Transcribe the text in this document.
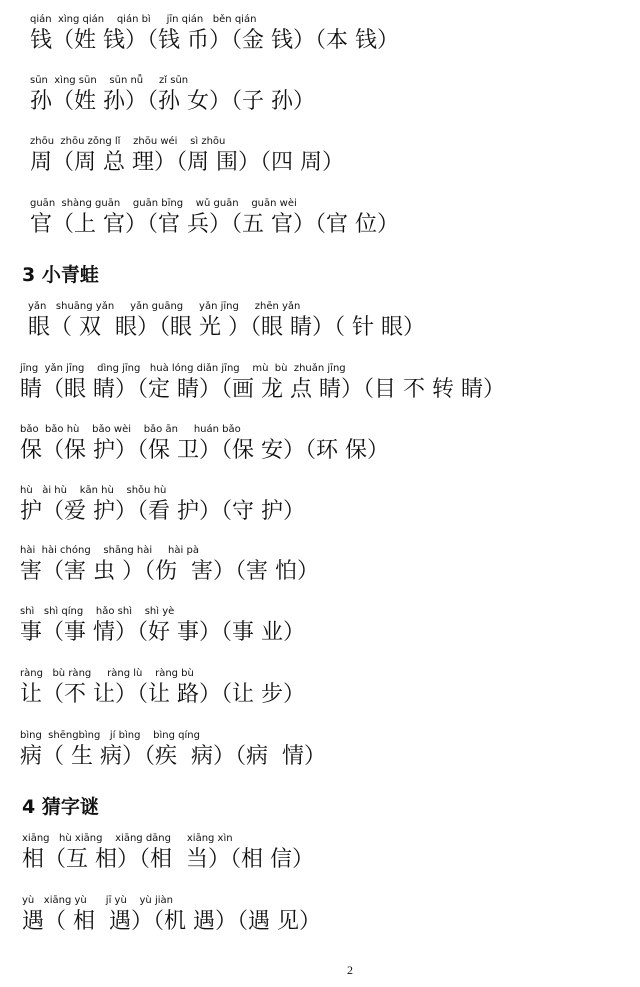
qián  xìng qián    qián bì     jīn qián   běn qián
钱（姓 钱）（钱 币）（金 钱）（本 钱）
sūn  xìng sūn    sūn nǚ     zǐ sūn
孙（姓 孙）（孙 女）（子 孙）
zhōu  zhōu zǒng lǐ    zhōu wéi    sì zhōu
周（周 总 理）（周 围）（四 周）
guān  shàng guān    guān bīng    wǔ guān    guān wèi
官（上 官）（官 兵）（五 官）（官 位）
3 小青蛙
yǎn   shuāng yǎn     yǎn guāng     yǎn jīng     zhēn yǎn
眼（ 双  眼）（眼 光 ）（眼 睛）（ 针 眼）
jīng  yǎn jīng    dìng jīng   huà lóng diǎn jīng    mù  bù  zhuǎn jīng
睛（眼 睛）（定 睛）（画 龙 点 睛）（目 不 转 睛）
bǎo  bǎo hù    bǎo wèi    bǎo ān     huán bǎo
保（保 护）（保 卫）（保 安）（环 保）
hù   ài hù    kān hù    shǒu hù
护（爱 护）（看 护）（守 护）
hài  hài chóng    shāng hài     hài pà
害（害 虫 ）（伤  害）（害 怕）
shì   shì qíng    hǎo shì    shì yè
事（事 情）（好 事）（事 业）
ràng   bù ràng     ràng lù    ràng bù
让（不 让）（让 路）（让 步）
bìng  shēngbìng   jí bìng    bìng qíng
病（ 生 病）（疾  病）（病  情）
4 猜字谜
xiāng   hù xiāng    xiāng dāng     xiāng xìn
相（互 相）（相  当）（相 信）
yù   xiāng yù      jī yù    yù jiàn
遇（ 相  遇）（机 遇）（遇 见）
2
